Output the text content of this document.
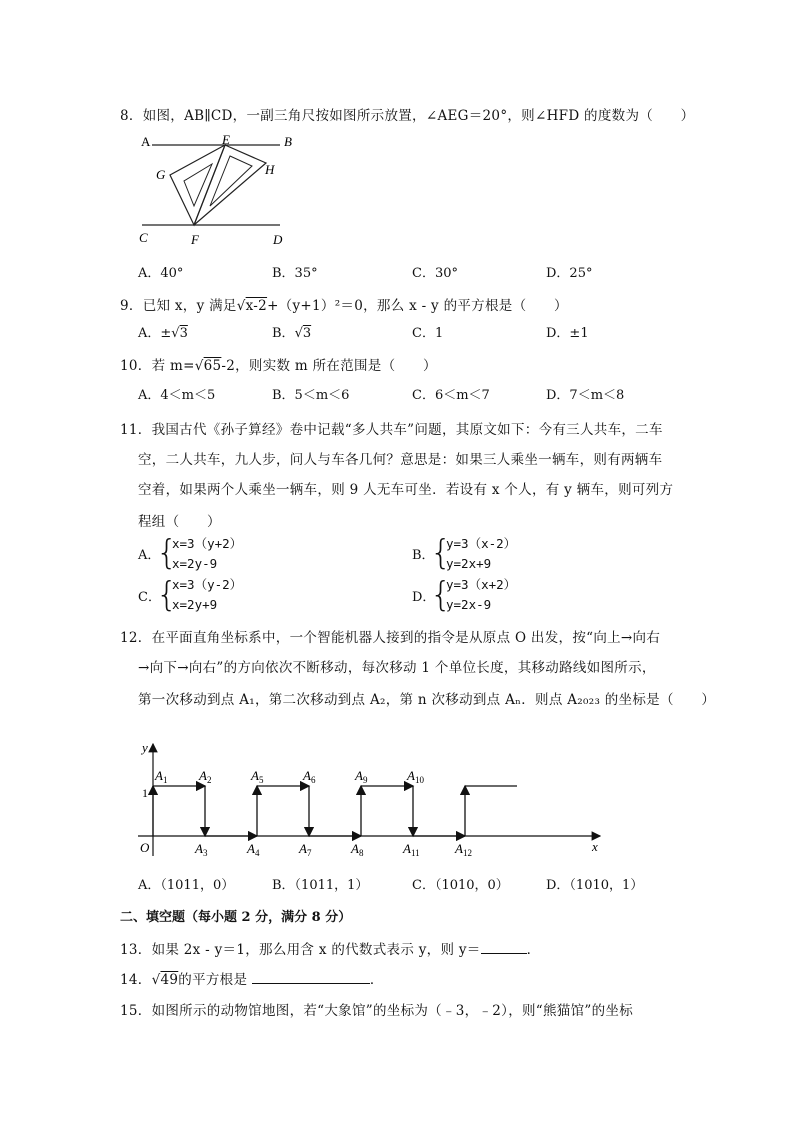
8．如图，AB∥CD，一副三角尺按如图所示放置，∠AEG＝20°，则∠HFD 的度数为（　　）
A	E	B
G	H
C	F	D
A．40°	B．35°	C．30°	D．25°
9．已知 x，y 满足√x-2+（y+1）²＝0，那么 x - y 的平方根是（　　）
A．±√3	B．√3	C．1	D．±1
10．若 m=√65-2，则实数 m 所在范围是（　　）
A．4＜m＜5	B．5＜m＜6	C．6＜m＜7	D．7＜m＜8
11．我国古代《孙子算经》卷中记载“多人共车”问题，其原文如下：今有三人共车，二车
空，二人共车，九人步，问人与车各几何？意思是：如果三人乘坐一辆车，则有两辆车
空着，如果两个人乘坐一辆车，则 9 人无车可坐．若设有 x 个人，有 y 辆车，则可列方
程组（　　）
A．
{
x=3（y+2）
x=2y-9
B．
{
y=3（x-2）
y=2x+9
C．
{
x=3（y-2）
x=2y+9	D．
{
y=3（x+2）
y=2x-9
12．在平面直角坐标系中，一个智能机器人接到的指令是从原点 O 出发，按“向上→向右
→向下→向右”的方向依次不断移动，每次移动 1 个单位长度，其移动路线如图所示，
第一次移动到点 A₁，第二次移动到点 A₂，第 n 次移动到点 Aₙ．则点 A₂₀₂₃ 的坐标是（　　）
y
x
O
1
$A_1$ $A_2$
$A_3$	$A_4$
$A_5$	$A_6$
$A_7$	$A_8$
$A_9$	$A_{10}$
$A_{11}$	$A_{12}$
A．（1011，0）	B．（1011，1）	C．（1010，0）	D．（1010，1）
二、填空题（每小题 2 分，满分 8 分）
13．如果 2x - y＝1，那么用含 x 的代数式表示 y，则 y＝	．
14．√49的平方根是	．
15．如图所示的动物馆地图，若“大象馆”的坐标为（﹣3，﹣2），则“熊猫馆”的坐标
